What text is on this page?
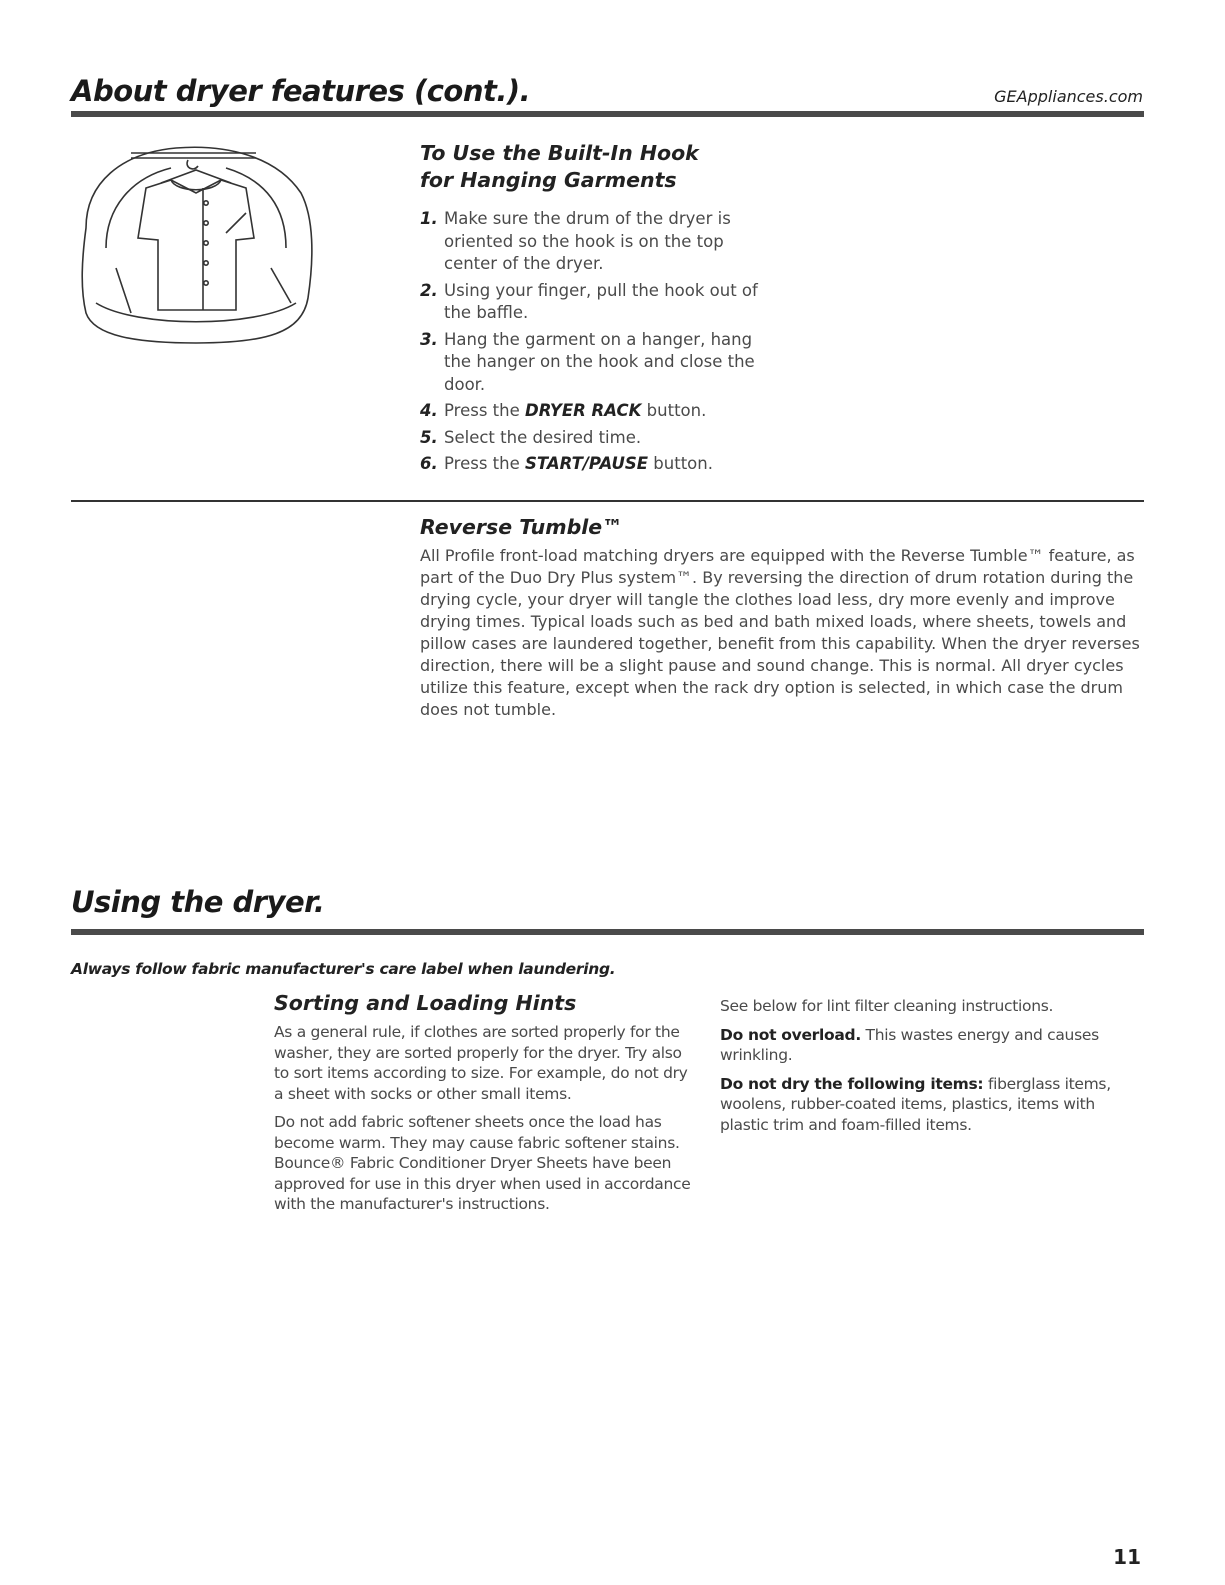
About dryer features (cont.).	GEAppliances.com
To Use the Built-In Hook
for Hanging Garments
1. Make sure the drum of the dryer is oriented so the hook is on the top center of the dryer.
2. Using your finger, pull the hook out of the baffle.
3. Hang the garment on a hanger, hang the hanger on the hook and close the door.
4. Press the DRYER RACK button.
5. Select the desired time.
6. Press the START/PAUSE button.
Reverse Tumble™

All Profile front-load matching dryers are equipped with the Reverse Tumble™ feature, as part of the Duo Dry Plus system™. By reversing the direction of drum rotation during the drying cycle, your dryer will tangle the clothes load less, dry more evenly and improve drying times. Typical loads such as bed and bath mixed loads, where sheets, towels and pillow cases are laundered together, benefit from this capability. When the dryer reverses direction, there will be a slight pause and sound change. This is normal. All dryer cycles utilize this feature, except when the rack dry option is selected, in which case the drum does not tumble.

Using the dryer.
Always follow fabric manufacturer's care label when laundering.
Sorting and Loading Hints

As a general rule, if clothes are sorted properly for the washer, they are sorted properly for the dryer. Try also to sort items according to size. For example, do not dry a sheet with socks or other small items.

Do not add fabric softener sheets once the load has become warm. They may cause fabric softener stains. Bounce® Fabric Conditioner Dryer Sheets have been approved for use in this dryer when used in accordance with the manufacturer's instructions.

See below for lint filter cleaning instructions.

Do not overload. This wastes energy and causes wrinkling.

Do not dry the following items: fiberglass items, woolens, rubber-coated items, plastics, items with plastic trim and foam-filled items.

11
